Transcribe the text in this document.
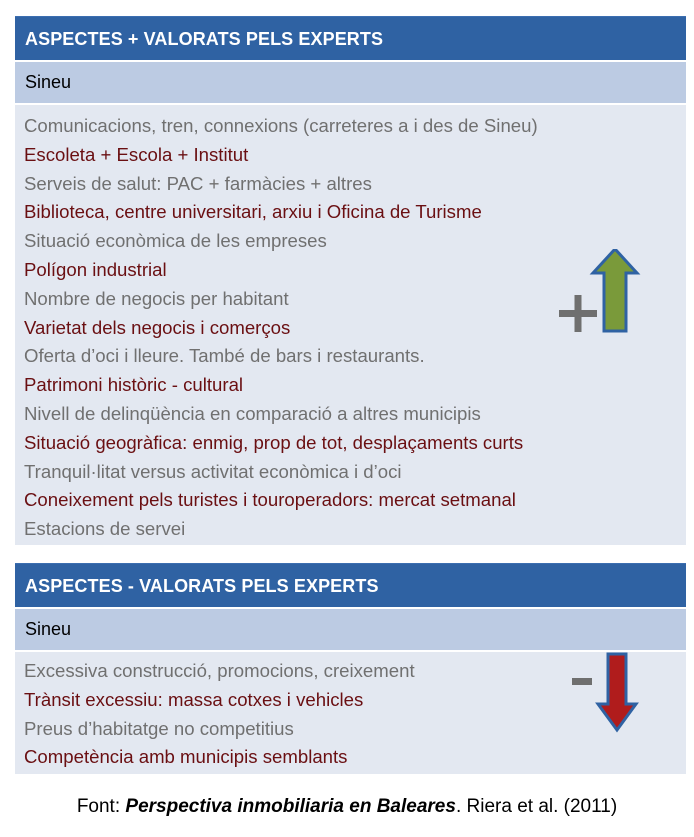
ASPECTES + VALORATS PELS EXPERTS
Sineu
Comunicacions, tren, connexions (carreteres a i des de Sineu)
Escoleta + Escola + Institut
Serveis de salut: PAC + farmàcies + altres
Biblioteca, centre universitari, arxiu i Oficina de Turisme
Situació econòmica de les empreses
Polígon industrial
Nombre de negocis per habitant
Varietat dels negocis i comerços
Oferta d’oci i lleure. També de bars i restaurants.
Patrimoni històric - cultural
Nivell de delinqüència en comparació a altres municipis
Situació geogràfica: enmig, prop de tot, desplaçaments curts
Tranquil·litat versus activitat econòmica i d’oci
Coneixement pels turistes i touroperadors: mercat setmanal
Estacions de servei
ASPECTES - VALORATS PELS EXPERTS
Sineu
Excessiva construcció, promocions, creixement
Trànsit excessiu: massa cotxes i vehicles
Preus d’habitatge no competitius
Competència amb municipis semblants
Font: Perspectiva inmobiliaria en Baleares. Riera et al. (2011)
